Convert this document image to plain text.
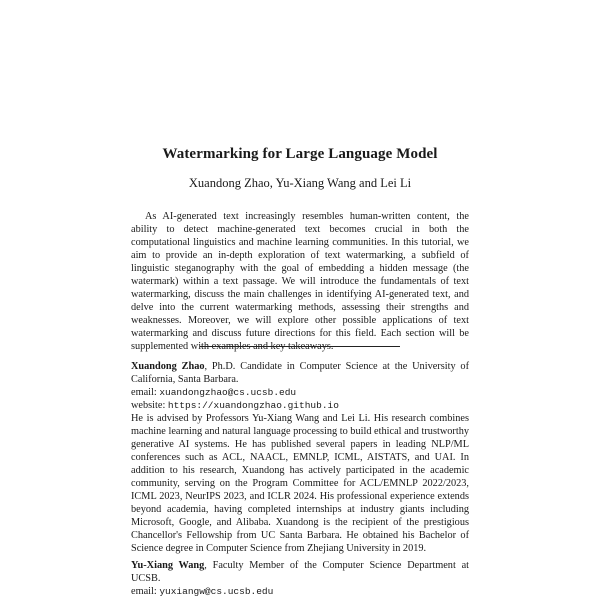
Watermarking for Large Language Model
Xuandong Zhao, Yu-Xiang Wang and Lei Li

As AI-generated text increasingly resembles human-written content, the ability to detect machine-generated text becomes crucial in both the computational linguistics and machine learning communities. In this tutorial, we aim to provide an in-depth exploration of text watermarking, a subfield of linguistic steganography with the goal of embedding a hidden message (the watermark) within a text passage. We will introduce the fundamentals of text watermarking, discuss the main challenges in identifying AI-generated text, and delve into the current watermarking methods, assessing their strengths and weaknesses. Moreover, we will explore other possible applications of text watermarking and discuss future directions for this field. Each section will be supplemented with examples and key takeaways.

Xuandong Zhao, Ph.D. Candidate in Computer Science at the University of California, Santa Barbara.

email: xuandongzhao@cs.ucsb.edu

website: https://xuandongzhao.github.io

He is advised by Professors Yu-Xiang Wang and Lei Li. His research combines machine learning and natural language processing to build ethical and trustworthy generative AI systems. He has published several papers in leading NLP/ML conferences such as ACL, NAACL, EMNLP, ICML, AISTATS, and UAI. In addition to his research, Xuandong has actively participated in the academic community, serving on the Program Committee for ACL/EMNLP 2022/2023, ICML 2023, NeurIPS 2023, and ICLR 2024. His professional experience extends beyond academia, having completed internships at industry giants including Microsoft, Google, and Alibaba. Xuandong is the recipient of the prestigious Chancellor's Fellowship from UC Santa Barbara. He obtained his Bachelor of Science degree in Computer Science from Zhejiang University in 2019.

Yu-Xiang Wang, Faculty Member of the Computer Science Department at UCSB.

email: yuxiangw@cs.ucsb.edu
